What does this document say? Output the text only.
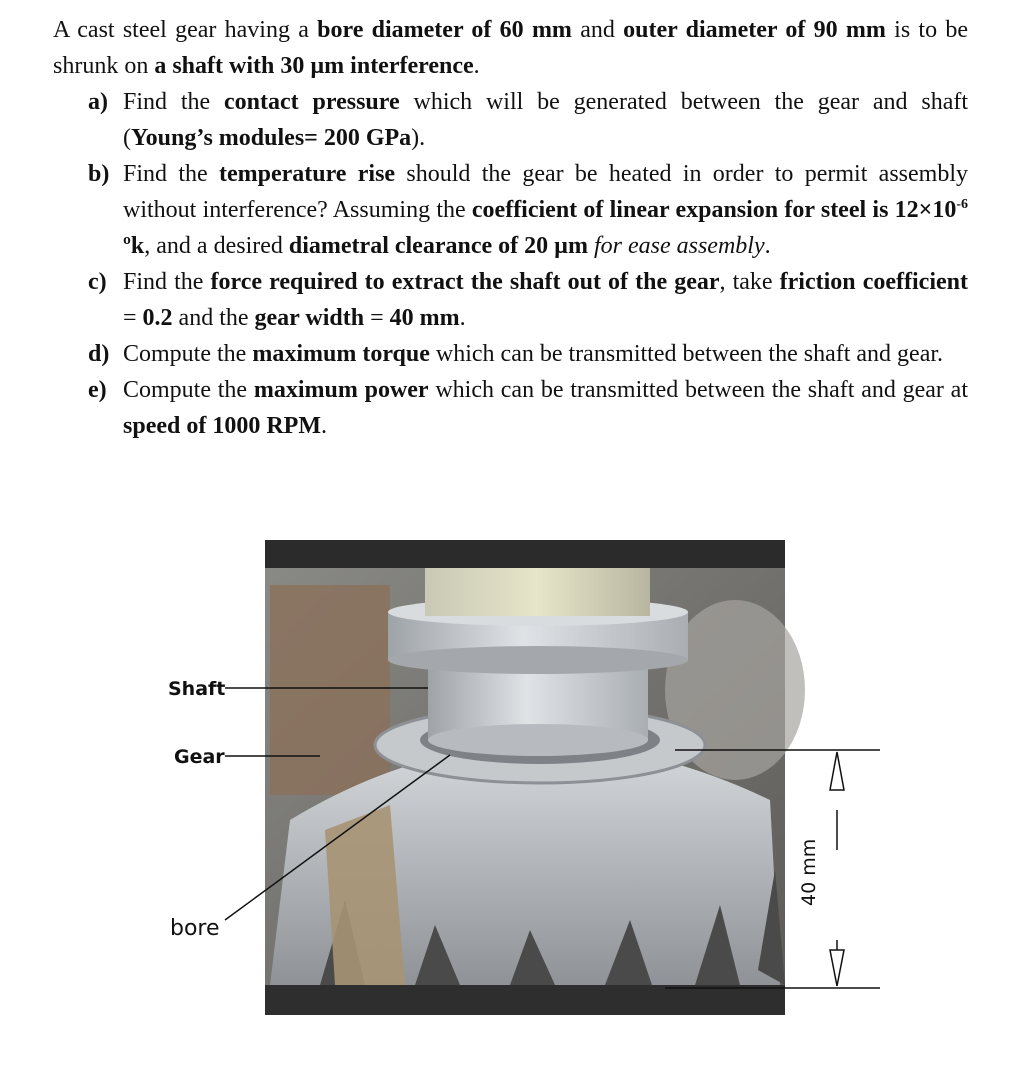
A cast steel gear having a bore diameter of 60 mm and outer diameter of 90 mm is to be shrunk on a shaft with 30 µm interference.

a) Find the contact pressure which will be generated between the gear and shaft (Young’s modules= 200 GPa).
b) Find the temperature rise should the gear be heated in order to permit assembly without interference? Assuming the coefficient of linear expansion for steel is $12\times 10^{-6}$ ºk, and a desired diametral clearance of 20 µm for ease assembly.
c) Find the force required to extract the shaft out of the gear, take friction coefficient = 0.2 and the gear width = 40 mm.
d) Compute the maximum torque which can be transmitted between the shaft and gear.
e) Compute the maximum power which can be transmitted between the shaft and gear at speed of 1000 RPM.
Shaft
Gear
bore
40 mm
